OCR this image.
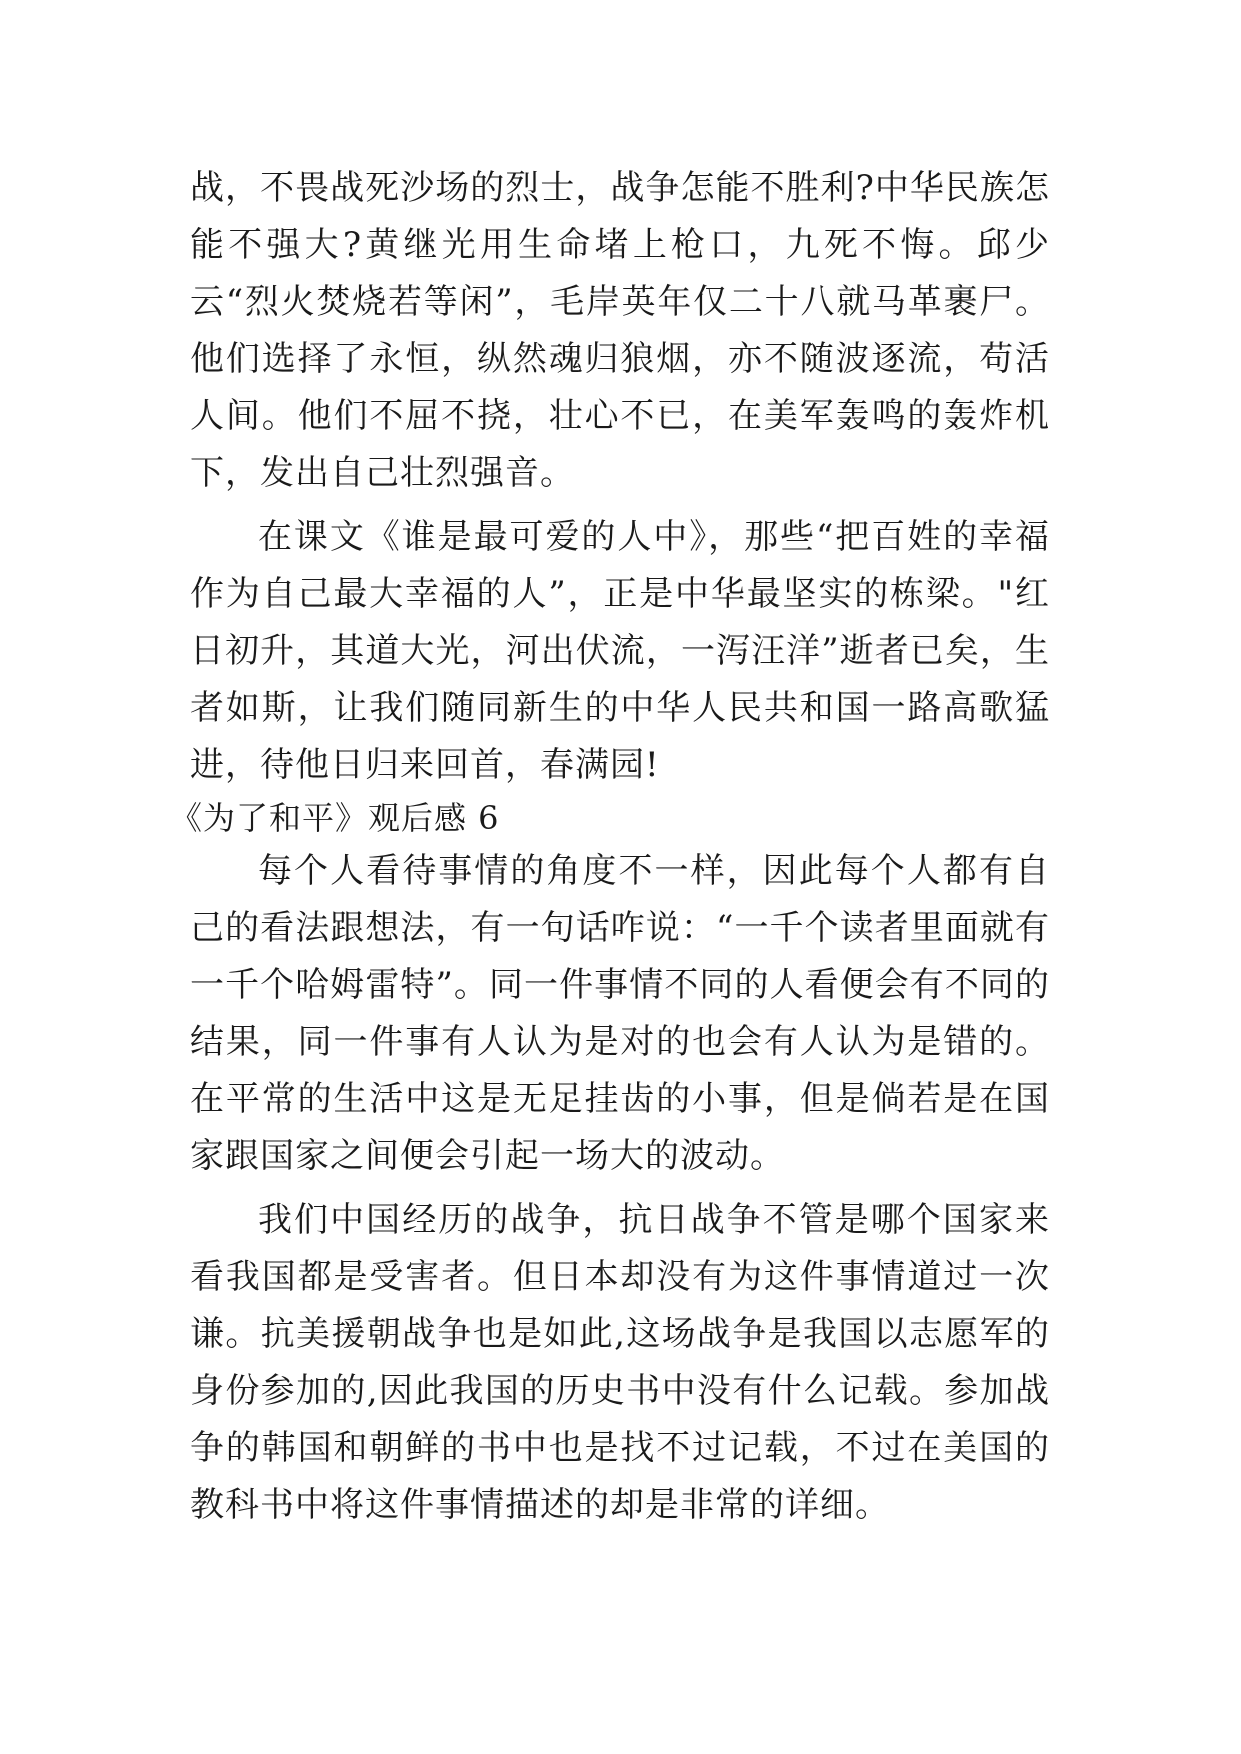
战，不畏战死沙场的烈士，战争怎能不胜利?中华民族怎能不强大?黄继光用生命堵上枪口，九死不悔。邱少云“烈火焚烧若等闲”，毛岸英年仅二十八就马革裹尸。他们选择了永恒，纵然魂归狼烟，亦不随波逐流，苟活人间。他们不屈不挠，壮心不已，在美军轰鸣的轰炸机下，发出自己壮烈强音。

在课文《谁是最可爱的人中》，那些“把百姓的幸福作为自己最大幸福的人”，正是中华最坚实的栋梁。"红日初升，其道大光，河出伏流，一泻汪洋”逝者已矣，生者如斯，让我们随同新生的中华人民共和国一路高歌猛进，待他日归来回首，春满园!

《为了和平》观后感 6

每个人看待事情的角度不一样，因此每个人都有自己的看法跟想法，有一句话咋说：“一千个读者里面就有一千个哈姆雷特”。同一件事情不同的人看便会有不同的结果，同一件事有人认为是对的也会有人认为是错的。在平常的生活中这是无足挂齿的小事，但是倘若是在国家跟国家之间便会引起一场大的波动。

我们中国经历的战争，抗日战争不管是哪个国家来看我国都是受害者。但日本却没有为这件事情道过一次谦。抗美援朝战争也是如此,这场战争是我国以志愿军的身份参加的,因此我国的历史书中没有什么记载。参加战争的韩国和朝鲜的书中也是找不过记载，不过在美国的教科书中将这件事情描述的却是非常的详细。
